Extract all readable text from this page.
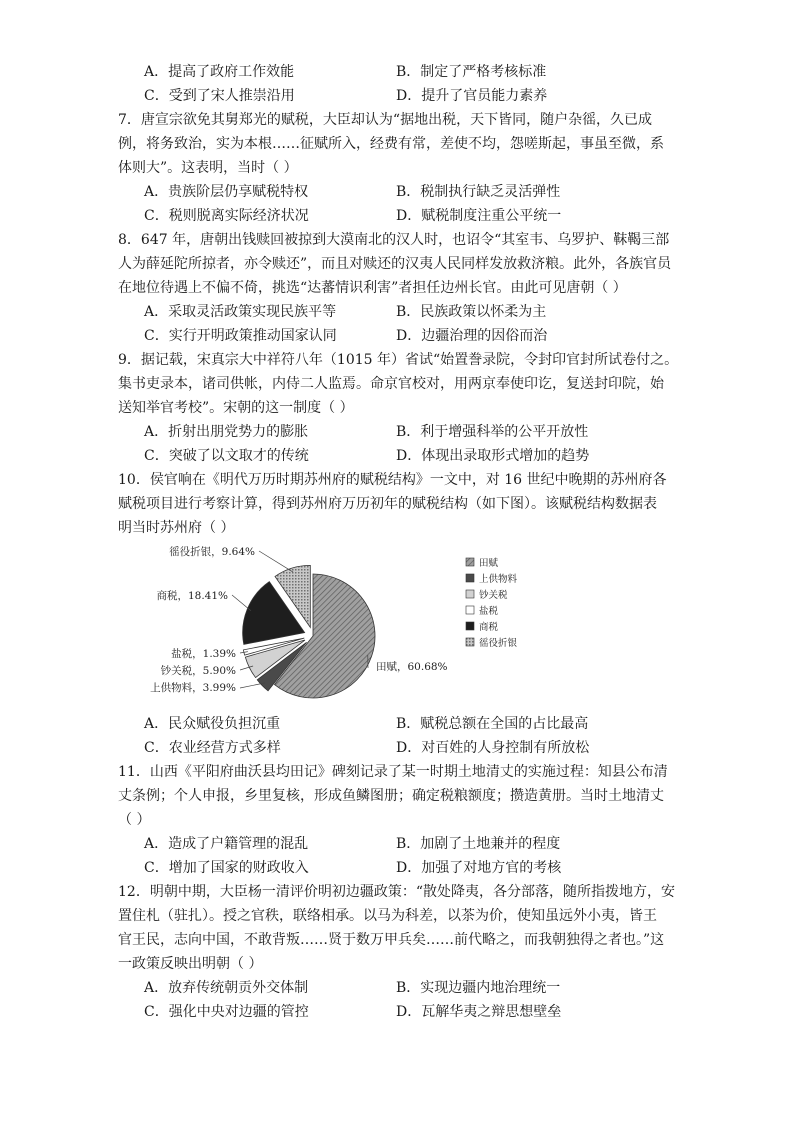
A．提高了政府工作效能	B．制定了严格考核标准
C．受到了宋人推崇沿用	D．提升了官员能力素养
7．唐宣宗欲免其舅郑光的赋税，大臣却认为“据地出税，天下皆同，随户杂徭，久已成
例，将务致治，实为本根……征赋所入，经费有常，差使不均，怨嗟斯起，事虽至微，系
体则大”。这表明，当时（ ）
A．贵族阶层仍享赋税特权	B．税制执行缺乏灵活弹性
C．税则脱离实际经济状况	D．赋税制度注重公平统一
8．647 年，唐朝出钱赎回被掠到大漠南北的汉人时，也诏令“其室韦、乌罗护、靺鞨三部
人为薛延陀所掠者，亦令赎还”，而且对赎还的汉夷人民同样发放救济粮。此外，各族官员
在地位待遇上不偏不倚，挑选“达蕃情识利害”者担任边州长官。由此可见唐朝（ ）
A．采取灵活政策实现民族平等	B．民族政策以怀柔为主
C．实行开明政策推动国家认同	D．边疆治理的因俗而治
9．据记载，宋真宗大中祥符八年（1015 年）省试“始置誊录院，令封印官封所试卷付之。
集书吏录本，诸司供帐，内侍二人监焉。命京官校对，用两京奉使印讫，复送封印院，始
送知举官考校”。宋朝的这一制度（ ）
A．折射出朋党势力的膨胀	B．利于增强科举的公平开放性
C．突破了以文取才的传统	D．体现出录取形式增加的趋势
10．侯官响在《明代万历时期苏州府的赋税结构》一文中，对 16 世纪中晚期的苏州府各
赋税项目进行考察计算，得到苏州府万历初年的赋税结构（如下图）。该赋税结构数据表
明当时苏州府（ ）
田赋，60.68%
上供物料，3.99%
钞关税，5.90%
盐税，1.39%
商税，18.41%
徭役折银，9.64%
田赋
上供物料
钞关税
盐税
商税
徭役折银
A．民众赋役负担沉重	B．赋税总额在全国的占比最高
C．农业经营方式多样	D．对百姓的人身控制有所放松
11．山西《平阳府曲沃县均田记》碑刻记录了某一时期土地清丈的实施过程：知县公布清
丈条例；个人申报，乡里复核，形成鱼鳞图册；确定税粮额度；攒造黄册。当时土地清丈
（ ）
A．造成了户籍管理的混乱	B．加剧了土地兼并的程度
C．增加了国家的财政收入	D．加强了对地方官的考核
12．明朝中期，大臣杨一清评价明初边疆政策：“散处降夷，各分部落，随所指拨地方，安
置住札（驻扎）。授之官秩，联络相承。以马为科差，以茶为价，使知虽远外小夷，皆王
官王民，志向中国，不敢背叛……贤于数万甲兵矣……前代略之，而我朝独得之者也。”这
一政策反映出明朝（ ）
A．放弃传统朝贡外交体制	B．实现边疆内地治理统一
C．强化中央对边疆的管控	D．瓦解华夷之辩思想壁垒
